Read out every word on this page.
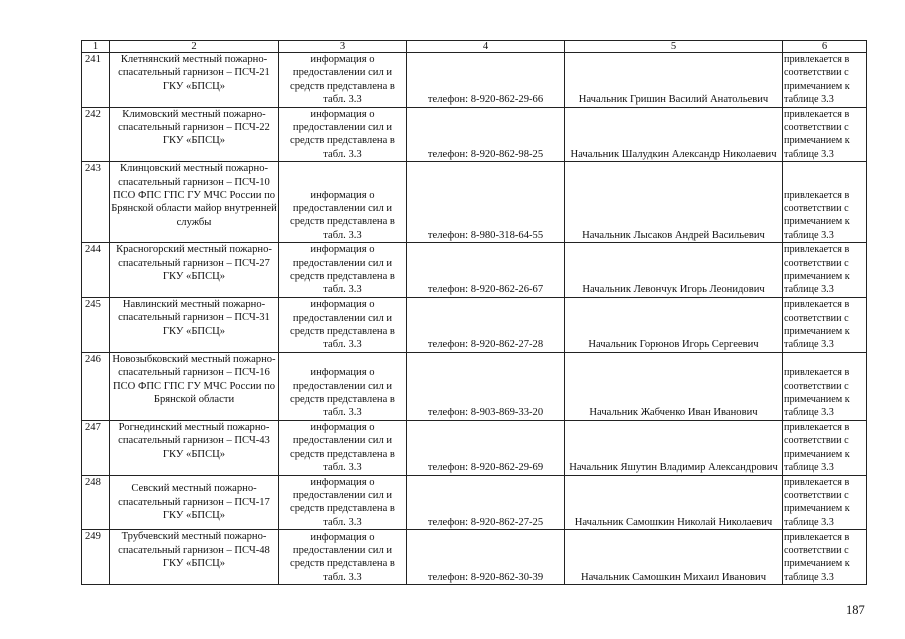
1	2	3	4	5	6
241	Клетнянский местный пожарно-спасательный гарнизон – ПСЧ-21 ГКУ «БПСЦ»	информация о предоставлении сил и средств представлена в табл. 3.3	телефон: 8-920-862-29-66	Начальник Гришин Василий Анатольевич	привлекается в соответствии с примечанием к таблице 3.3
242	Климовский местный пожарно-спасательный гарнизон – ПСЧ-22 ГКУ «БПСЦ»	информация о предоставлении сил и средств представлена в табл. 3.3	телефон: 8-920-862-98-25	Начальник Шалудкин Александр Николаевич	привлекается в соответствии с примечанием к таблице 3.3
243	Клинцовский местный пожарно-спасательный гарнизон – ПСЧ-10 ПСО ФПС ГПС ГУ МЧС России по Брянской области майор внутренней службы	информация о предоставлении сил и средств представлена в табл. 3.3	телефон: 8-980-318-64-55	Начальник Лысаков Андрей Васильевич	привлекается в соответствии с примечанием к таблице 3.3
244	Красногорский местный пожарно-спасательный гарнизон – ПСЧ-27 ГКУ «БПСЦ»	информация о предоставлении сил и средств представлена в табл. 3.3	телефон: 8-920-862-26-67	Начальник Левончук Игорь Леонидович	привлекается в соответствии с примечанием к таблице 3.3
245	Навлинский местный пожарно-спасательный гарнизон – ПСЧ-31 ГКУ «БПСЦ»	информация о предоставлении сил и средств представлена в табл. 3.3	телефон: 8-920-862-27-28	Начальник Горюнов Игорь Сергеевич	привлекается в соответствии с примечанием к таблице 3.3
246	Новозыбковский местный пожарно-спасательный гарнизон – ПСЧ-16 ПСО ФПС ГПС ГУ МЧС России по Брянской области	информация о предоставлении сил и средств представлена в табл. 3.3	телефон: 8-903-869-33-20	Начальник Жабченко Иван Иванович	привлекается в соответствии с примечанием к таблице 3.3
247	Рогнединский местный пожарно-спасательный гарнизон – ПСЧ-43 ГКУ «БПСЦ»	информация о предоставлении сил и средств представлена в табл. 3.3	телефон: 8-920-862-29-69	Начальник Яшутин Владимир Александрович	привлекается в соответствии с примечанием к таблице 3.3
248	Севский местный пожарно-спасательный гарнизон – ПСЧ-17 ГКУ «БПСЦ»	информация о предоставлении сил и средств представлена в табл. 3.3	телефон: 8-920-862-27-25	Начальник Самошкин Николай Николаевич	привлекается в соответствии с примечанием к таблице 3.3
249	Трубчевский местный пожарно-спасательный гарнизон – ПСЧ-48 ГКУ «БПСЦ»	информация о предоставлении сил и средств представлена в табл. 3.3	телефон: 8-920-862-30-39	Начальник Самошкин Михаил Иванович	привлекается в соответствии с примечанием к таблице 3.3
187
